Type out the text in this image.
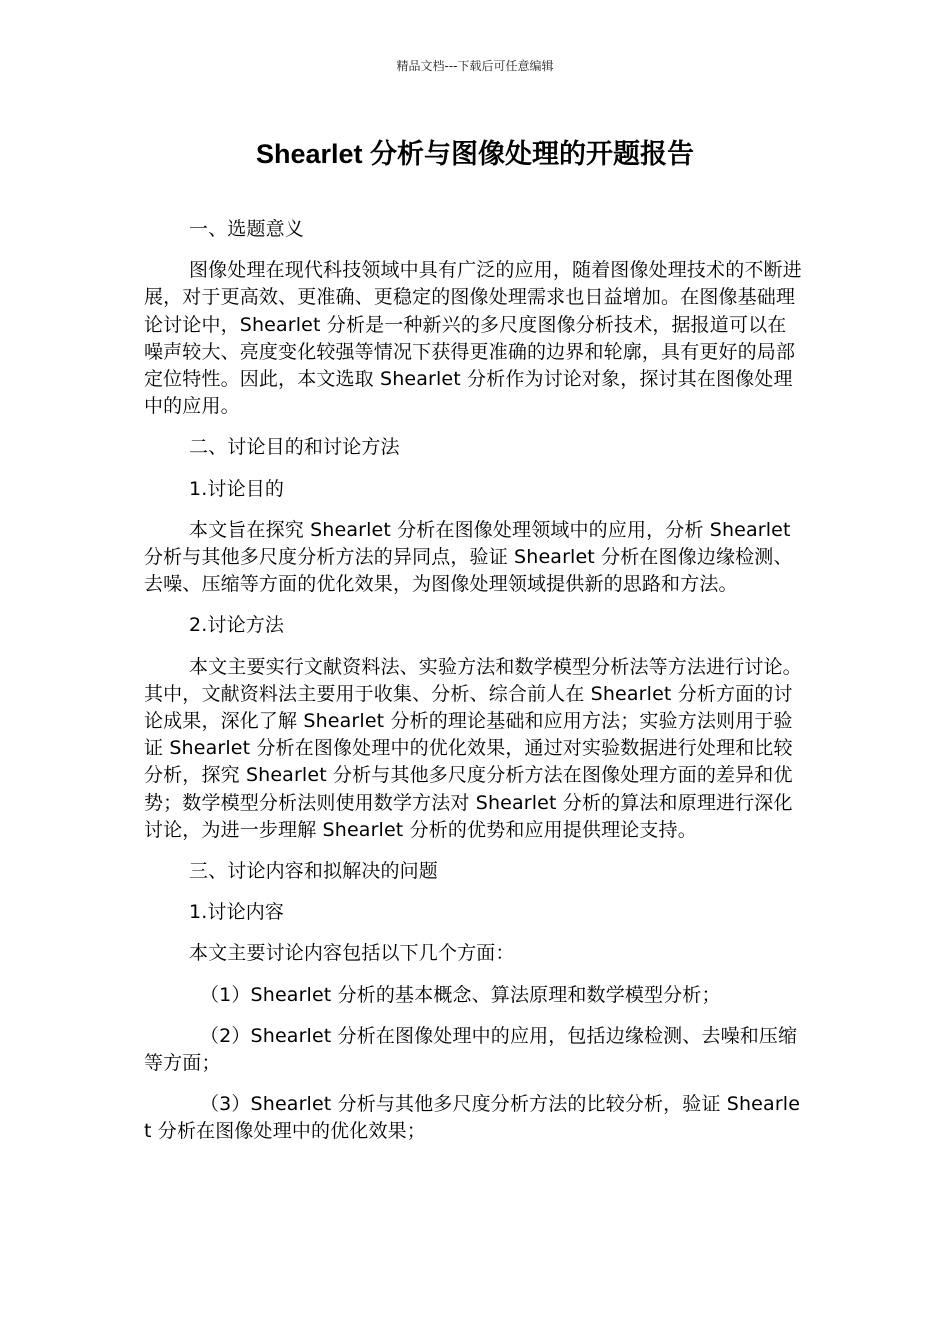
精品文档---下载后可任意编辑
Shearlet 分析与图像处理的开题报告

一、选题意义

图像处理在现代科技领域中具有广泛的应用，随着图像处理技术的不断进展，对于更高效、更准确、更稳定的图像处理需求也日益增加。在图像基础理论讨论中，Shearlet 分析是一种新兴的多尺度图像分析技术，据报道可以在噪声较大、亮度变化较强等情况下获得更准确的边界和轮廓，具有更好的局部定位特性。因此，本文选取 Shearlet 分析作为讨论对象，探讨其在图像处理中的应用。

二、讨论目的和讨论方法

1.讨论目的

本文旨在探究 Shearlet 分析在图像处理领域中的应用，分析 Shearlet 分析与其他多尺度分析方法的异同点，验证 Shearlet 分析在图像边缘检测、去噪、压缩等方面的优化效果，为图像处理领域提供新的思路和方法。

2.讨论方法

本文主要实行文献资料法、实验方法和数学模型分析法等方法进行讨论。其中，文献资料法主要用于收集、分析、综合前人在 Shearlet 分析方面的讨论成果，深化了解 Shearlet 分析的理论基础和应用方法；实验方法则用于验证 Shearlet 分析在图像处理中的优化效果，通过对实验数据进行处理和比较分析，探究 Shearlet 分析与其他多尺度分析方法在图像处理方面的差异和优势；数学模型分析法则使用数学方法对 Shearlet 分析的算法和原理进行深化讨论，为进一步理解 Shearlet 分析的优势和应用提供理论支持。

三、讨论内容和拟解决的问题

1.讨论内容

本文主要讨论内容包括以下几个方面：

（1）Shearlet 分析的基本概念、算法原理和数学模型分析；

（2）Shearlet 分析在图像处理中的应用，包括边缘检测、去噪和压缩等方面；

（3）Shearlet 分析与其他多尺度分析方法的比较分析，验证 Shearlet 分析在图像处理中的优化效果；
